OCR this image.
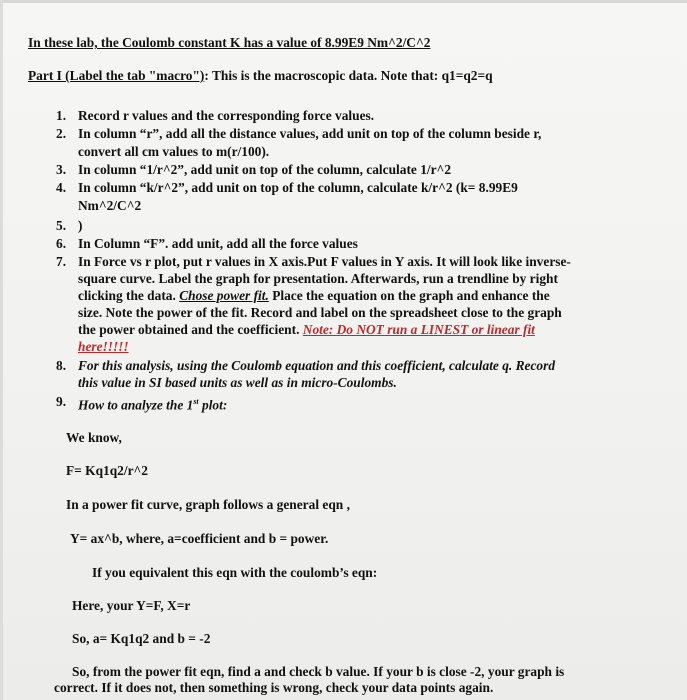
In these lab, the Coulomb constant K has a value of 8.99E9 Nm^2/C^2
Part I (Label the tab "macro"): This is the macroscopic data. Note that: q1=q2=q
1. Record r values and the corresponding force values.
2. In column “r”, add all the distance values, add unit on top of the column beside r,
convert all cm values to m(r/100).
3. In column “1/r^2”, add unit on top of the column, calculate 1/r^2
4. In column “k/r^2”, add unit on top of the column, calculate k/r^2 (k= 8.99E9
Nm^2/C^2
5. )
6. In Column “F”. add unit, add all the force values
7. In Force vs r plot, put r values in X axis.Put F values in Y axis. It will look like inverse-
square curve. Label the graph for presentation. Afterwards, run a trendline by right
clicking the data. Chose power fit. Place the equation on the graph and enhance the
size. Note the power of the fit. Record and label on the spreadsheet close to the graph
the power obtained and the coefficient. Note: Do NOT run a LINEST or linear fit
here!!!!!
8. For this analysis, using the Coulomb equation and this coefficient, calculate q. Record
this value in SI based units as well as in micro-Coulombs.
9. How to analyze the 1st plot:
We know,
F= Kq1q2/r^2
In a power fit curve, graph follows a general eqn ,
Y= ax^b, where, a=coefficient and b = power.
If you equivalent this eqn with the coulomb’s eqn:
Here, your Y=F, X=r
So, a= Kq1q2 and b = -2
So, from the power fit eqn, find a and check b value. If your b is close -2, your graph is
correct. If it does not, then something is wrong, check your data points again.
